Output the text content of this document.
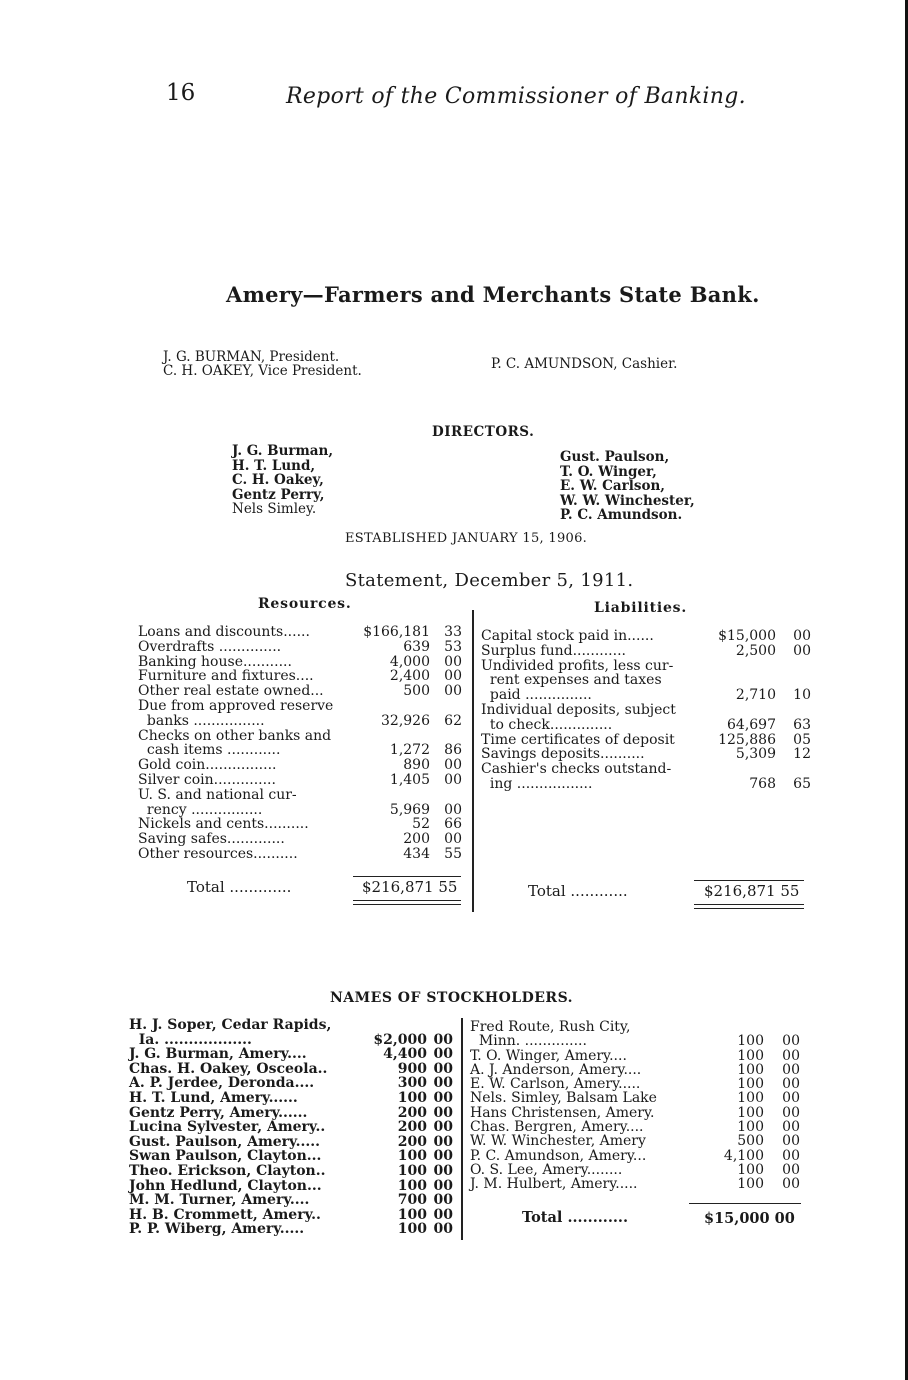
16	Report of the Commissioner of Banking.
Amery—Farmers and Merchants State Bank.
J. G. BURMAN, President.
C. H. OAKEY, Vice President.	P. C. AMUNDSON, Cashier.
DIRECTORS.
J. G. Burman,
H. T. Lund,
C. H. Oakey,
Gentz Perry,
Nels Simley.
Gust. Paulson,
T. O. Winger,
E. W. Carlson,
W. W. Winchester,
P. C. Amundson.
ESTABLISHED JANUARY 15, 1906.
Statement, December 5, 1911.
Resources.	Liabilities.
Loans and discounts......	$166,181 33
Overdrafts ..............	639 53
Banking house...........	4,000 00
Furniture and fixtures....	2,400 00
Other real estate owned...	500 00
Due from approved reserve
banks ................	32,926 62
Checks on other banks and
cash items ............	1,272 86
Gold coin................	890 00
Silver coin..............	1,405 00
U. S. and national cur-
rency ................	5,969 00
Nickels and cents..........	52 66
Saving safes.............	200 00
Other resources..........	434 55
Capital stock paid in......	$15,000 00
Surplus fund............	2,500 00
Undivided profits, less cur-
rent expenses and taxes
paid ...............	2,710 10
Individual deposits, subject
to check..............	64,697 63
Time certificates of deposit	125,886 05
Savings deposits..........	5,309 12
Cashier's checks outstand-
ing .................	768 65
Total .............	$216,871 55	Total ............	$216,871 55
NAMES OF STOCKHOLDERS.
H. J. Soper, Cedar Rapids,
Ia. ..................	$2,000 00
J. G. Burman, Amery....	4,400 00
Chas. H. Oakey, Osceola..	900 00
A. P. Jerdee, Deronda....	300 00
H. T. Lund, Amery......	100 00
Gentz Perry, Amery......	200 00
Lucina Sylvester, Amery..	200 00
Gust. Paulson, Amery.....	200 00
Swan Paulson, Clayton...	100 00
Theo. Erickson, Clayton..	100 00
John Hedlund, Clayton...	100 00
M. M. Turner, Amery....	700 00
H. B. Crommett, Amery..	100 00
P. P. Wiberg, Amery.....	100 00
Fred Route, Rush City,
Minn. ..............	100 00
T. O. Winger, Amery....	100 00
A. J. Anderson, Amery....	100 00
E. W. Carlson, Amery.....	100 00
Nels. Simley, Balsam Lake	100 00
Hans Christensen, Amery.	100 00
Chas. Bergren, Amery....	100 00
W. W. Winchester, Amery	500 00
P. C. Amundson, Amery...	4,100 00
O. S. Lee, Amery........	100 00
J. M. Hulbert, Amery.....	100 00
Total ............	$15,000 00
